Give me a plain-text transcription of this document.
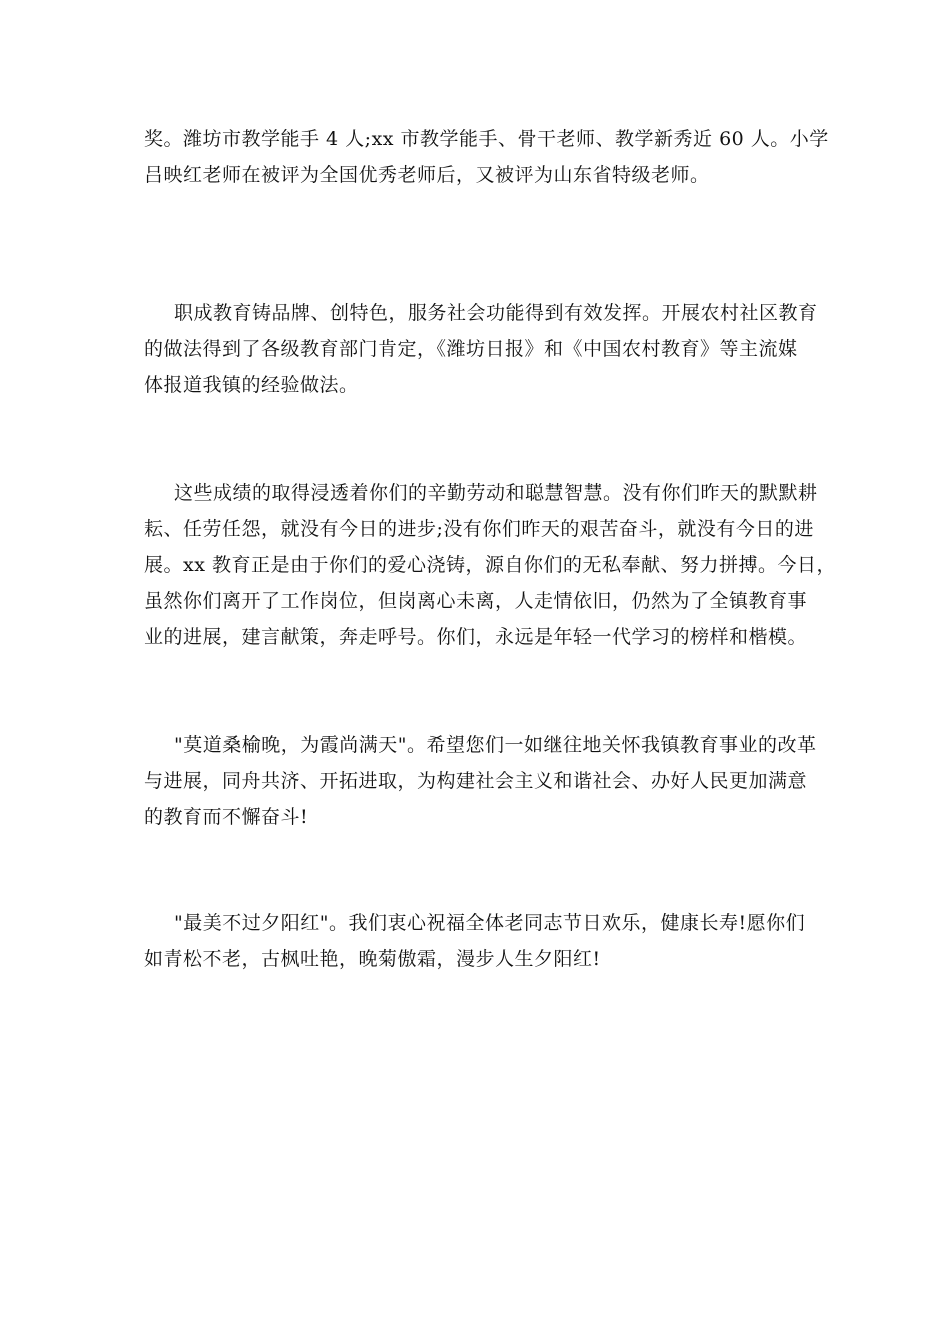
奖。潍坊市教学能手 4 人;xx 市教学能手、骨干老师、教学新秀近 60 人。小学
吕映红老师在被评为全国优秀老师后，又被评为山东省特级老师。
职成教育铸品牌、创特色，服务社会功能得到有效发挥。开展农村社区教育
的做法得到了各级教育部门肯定，《潍坊日报》和《中国农村教育》等主流媒
体报道我镇的经验做法。
这些成绩的取得浸透着你们的辛勤劳动和聪慧智慧。没有你们昨天的默默耕
耘、任劳任怨，就没有今日的进步;没有你们昨天的艰苦奋斗，就没有今日的进
展。xx 教育正是由于你们的爱心浇铸，源自你们的无私奉献、努力拼搏。今日，
虽然你们离开了工作岗位，但岗离心未离，人走情依旧，仍然为了全镇教育事
业的进展，建言献策，奔走呼号。你们，永远是年轻一代学习的榜样和楷模。
"莫道桑榆晚，为霞尚满天"。希望您们一如继往地关怀我镇教育事业的改革
与进展，同舟共济、开拓进取，为构建社会主义和谐社会、办好人民更加满意
的教育而不懈奋斗!
"最美不过夕阳红"。我们衷心祝福全体老同志节日欢乐，健康长寿!愿你们
如青松不老，古枫吐艳，晚菊傲霜，漫步人生夕阳红!
